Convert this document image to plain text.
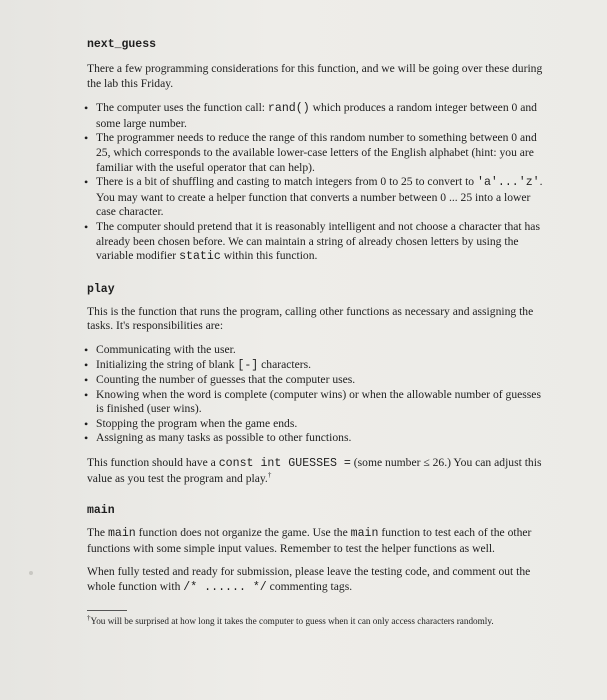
next_guess

There a few programming considerations for this function, and we will be going over these during the lab this Friday.

• The computer uses the function call: rand() which produces a random integer between 0 and some large number.
• The programmer needs to reduce the range of this random number to something between 0 and 25, which corresponds to the available lower-case letters of the English alphabet (hint: you are familiar with the useful operator that can help).
• There is a bit of shuffling and casting to match integers from 0 to 25 to convert to 'a'...'z'. You may want to create a helper function that converts a number between 0 ... 25 into a lower case character.
• The computer should pretend that it is reasonably intelligent and not choose a character that has already been chosen before. We can maintain a string of already chosen letters by using the variable modifier static within this function.
play

This is the function that runs the program, calling other functions as necessary and assigning the tasks. It's responsibilities are:

• Communicating with the user.
• Initializing the string of blank [-] characters.
• Counting the number of guesses that the computer uses.
• Knowing when the word is complete (computer wins) or when the allowable number of guesses is finished (user wins).
• Stopping the program when the game ends.
• Assigning as many tasks as possible to other functions.

This function should have a const int GUESSES = (some number ≤ 26.) You can adjust this value as you test the program and play.†

main

The main function does not organize the game. Use the main function to test each of the other functions with some simple input values. Remember to test the helper functions as well.

When fully tested and ready for submission, please leave the testing code, and comment out the whole function with /* ...... */ commenting tags.

†You will be surprised at how long it takes the computer to guess when it can only access characters randomly.
